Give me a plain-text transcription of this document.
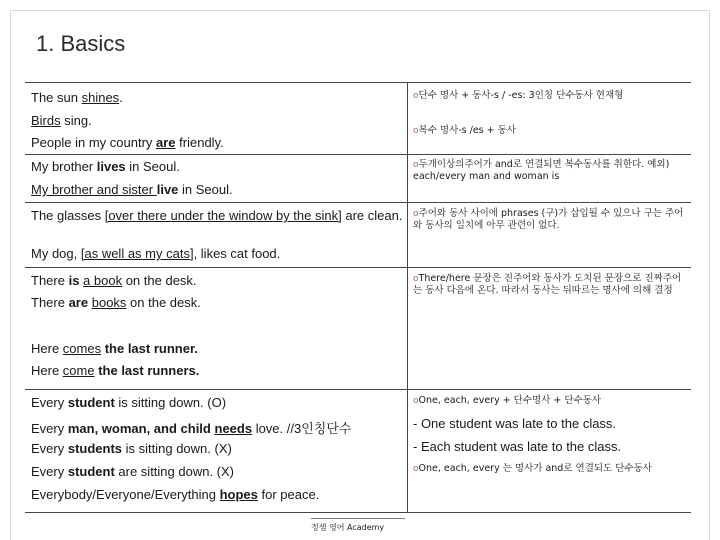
1. Basics
The sun shines.
Birds sing.
People in my country are friendly.
o단수 명사 + 동사-s / -es: 3인칭 단수동사 현재형
o복수 명사-s /es + 동사
My brother lives in Seoul.
My brother and sister live in Seoul.
o두개이상의주어가 and로 연결되면 복수동사를 취한다. 예외) each/every man and woman is
The glasses [over there under the window by the sink] are clean.
My dog, [as well as my cats], likes cat food.
o주어와 동사 사이에 phrases (구)가 삽입될 수 있으나 구는 주어와 동사의 일치에 아무 관련이 없다.
There is a book on the desk.
There are books on the desk.
Here comes the last runner.
Here come the last runners.
oThere/here 문장은 진주어와 동사가 도치된 문장으로 진짜주어는 동사 다음에 온다. 따라서 동사는 뒤따르는 명사에 의해 결정
Every student is sitting down. (O)
Every man, woman, and child needs love. //3인칭단수
Every students is sitting down. (X)
Every student are sitting down. (X)
Everybody/Everyone/Everything hopes for peace.
oOne, each, every + 단수명사 + 단수동사
- One student was late to the class.
- Each student was late to the class.
oOne, each, every 는 명사가 and로 연결되도 단수동사
정샘 영어 Academy
